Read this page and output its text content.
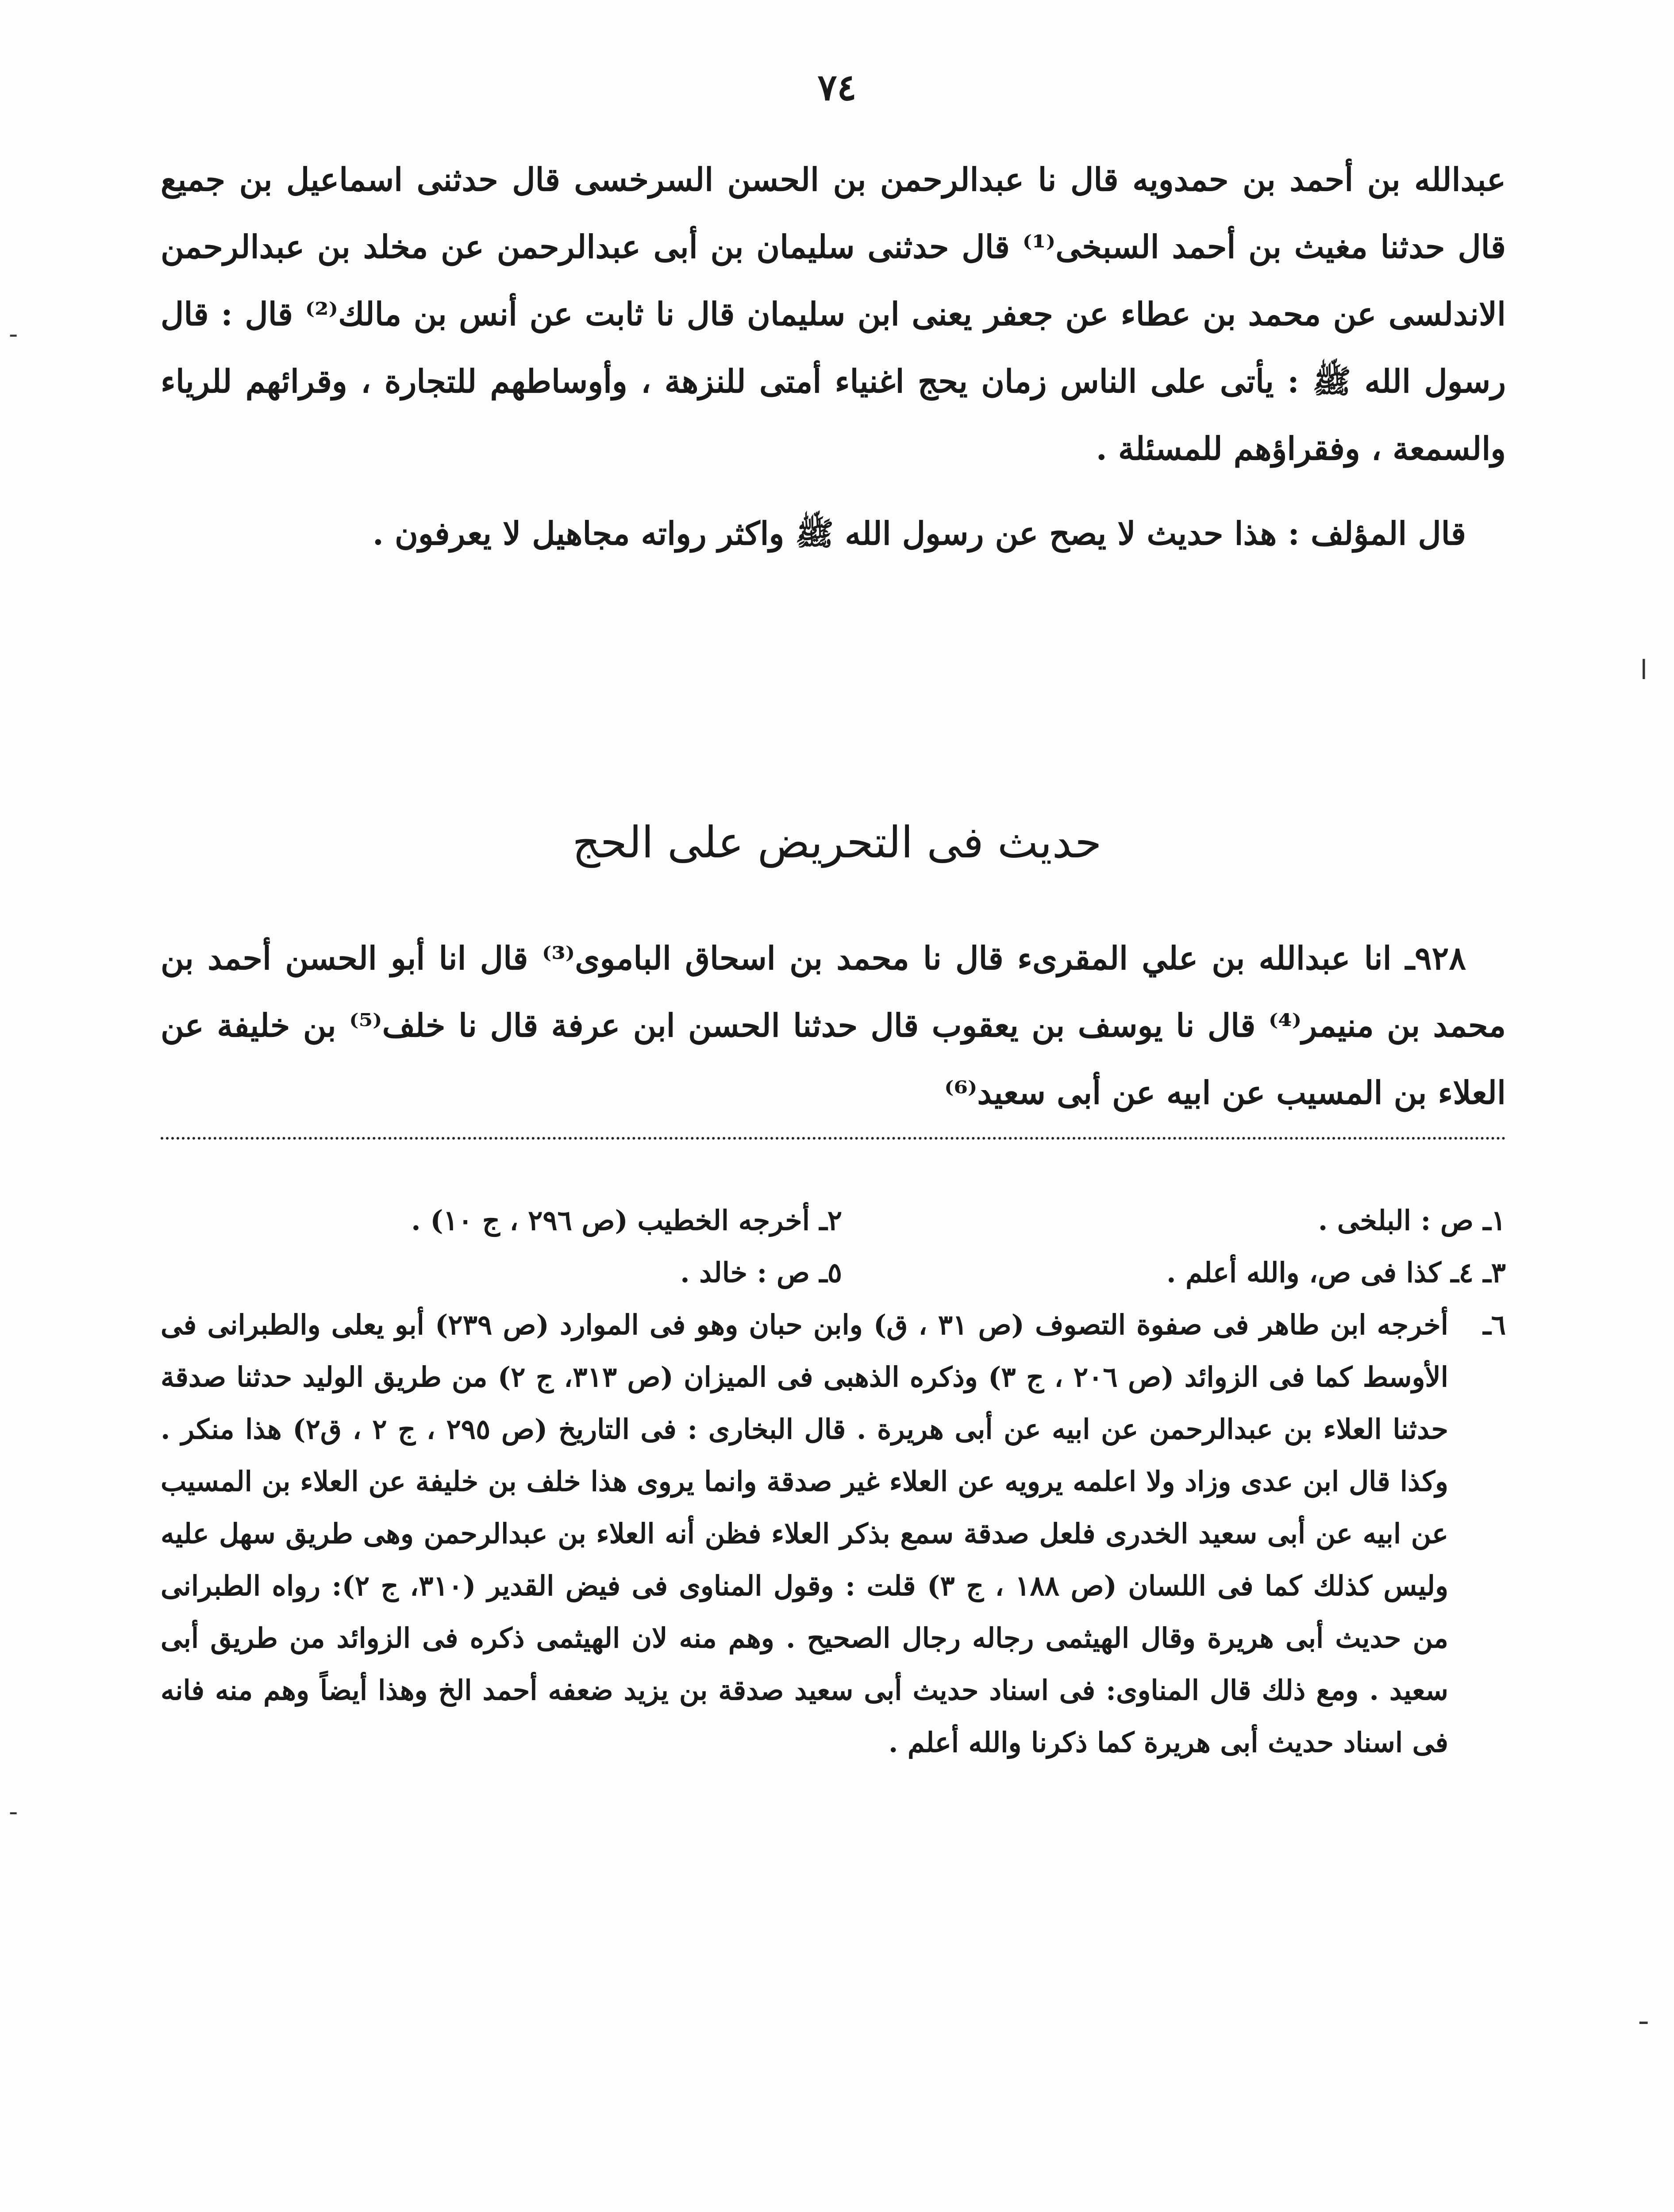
٧٤

عبدالله بن أحمد بن حمدويه قال نا عبدالرحمن بن الحسن السرخسى قال حدثنى اسماعيل بن جميع قال حدثنا مغيث بن أحمد السبخى⁽¹⁾ قال حدثنى سليمان بن أبى عبدالرحمن عن مخلد بن عبدالرحمن الاندلسى عن محمد بن عطاء عن جعفر يعنى ابن سليمان قال نا ثابت عن أنس بن مالك⁽²⁾ قال : قال رسول الله ﷺ : يأتى على الناس زمان يحج اغنياء أمتى للنزهة ، وأوساطهم للتجارة ، وقرائهم للرياء والسمعة ، وفقراؤهم للمسئلة .

قال المؤلف : هذا حديث لا يصح عن رسول الله ﷺ واكثر رواته مجاهيل لا يعرفون .

حديث فى التحريض على الحج

٩٢٨ـ انا عبدالله بن علي المقرىء قال نا محمد بن اسحاق الباموى⁽³⁾ قال انا أبو الحسن أحمد بن محمد بن منيمر⁽⁴⁾ قال نا يوسف بن يعقوب قال حدثنا الحسن ابن عرفة قال نا خلف⁽⁵⁾ بن خليفة عن العلاء بن المسيب عن ابيه عن أبى سعيد⁽⁶⁾

١ـ ص : البلخى .
٢ـ أخرجه الخطيب (ص ٢٩٦ ، ج ١٠) .
٣ـ ٤ـ كذا فى ص، والله أعلم .
٥ـ ص : خالد .
٦ـ
أخرجه ابن طاهر فى صفوة التصوف (ص ٣١ ، ق) وابن حبان وهو فى الموارد (ص ٢٣٩) أبو يعلى والطبرانى فى الأوسط كما فى الزوائد (ص ٢٠٦ ، ج ٣) وذكره الذهبى فى الميزان (ص ٣١٣، ج ٢) من طريق الوليد حدثنا صدقة حدثنا العلاء بن عبدالرحمن عن ابيه عن أبى هريرة . قال البخارى : فى التاريخ (ص ٢٩٥ ، ج ٢ ، ق٢) هذا منكر . وكذا قال ابن عدى وزاد ولا اعلمه يرويه عن العلاء غير صدقة وانما يروى هذا خلف بن خليفة عن العلاء بن المسيب عن ابيه عن أبى سعيد الخدرى فلعل صدقة سمع بذكر العلاء فظن أنه العلاء بن عبدالرحمن وهى طريق سهل عليه وليس كذلك كما فى اللسان (ص ١٨٨ ، ج ٣) قلت : وقول المناوى فى فيض القدير (٣١٠، ج ٢): رواه الطبرانى من حديث أبى هريرة وقال الهيثمى رجاله رجال الصحيح . وهم منه لان الهيثمى ذكره فى الزوائد من طريق أبى سعيد . ومع ذلك قال المناوى: فى اسناد حديث أبى سعيد صدقة بن يزيد ضعفه أحمد الخ وهذا أيضاً وهم منه فانه فى اسناد حديث أبى هريرة كما ذكرنا والله أعلم .
-
ا
ـ
-
